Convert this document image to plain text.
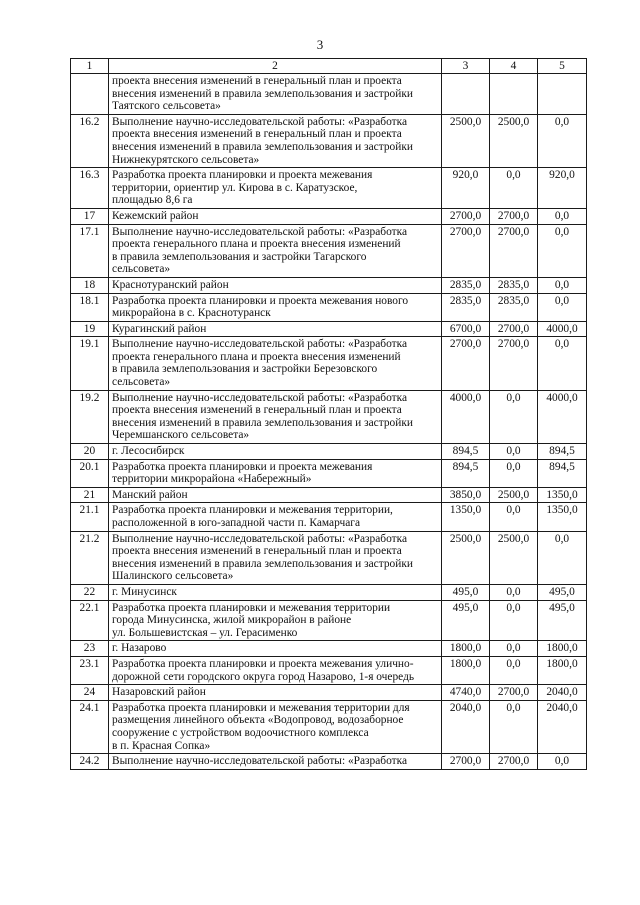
3
1	2	3	4	5
	проекта внесения изменений в генеральный план и проекта
внесения изменений в правила землепользования и застройки
Таятского сельсовета»			
16.2	Выполнение научно-исследовательской работы: «Разработка
проекта внесения изменений в генеральный план и проекта
внесения изменений в правила землепользования и застройки
Нижнекурятского сельсовета»	2500,0	2500,0	0,0
16.3	Разработка проекта планировки и проекта межевания
территории, ориентир ул. Кирова в с. Каратузское,
площадью 8,6 га	920,0	0,0	920,0
17	Кежемский район	2700,0	2700,0	0,0
17.1	Выполнение научно-исследовательской работы: «Разработка
проекта генерального плана и проекта внесения изменений
в правила землепользования и застройки Тагарского
сельсовета»	2700,0	2700,0	0,0
18	Краснотуранский район	2835,0	2835,0	0,0
18.1	Разработка проекта планировки и проекта межевания нового
микрорайона в с. Краснотуранск	2835,0	2835,0	0,0
19	Курагинский район	6700,0	2700,0	4000,0
19.1	Выполнение научно-исследовательской работы: «Разработка
проекта генерального плана и проекта внесения изменений
в правила землепользования и застройки Березовского
сельсовета»	2700,0	2700,0	0,0
19.2	Выполнение научно-исследовательской работы: «Разработка
проекта внесения изменений в генеральный план и проекта
внесения изменений в правила землепользования и застройки
Черемшанского сельсовета»	4000,0	0,0	4000,0
20	г. Лесосибирск	894,5	0,0	894,5
20.1	Разработка проекта планировки и проекта межевания
территории микрорайона «Набережный»	894,5	0,0	894,5
21	Манский район	3850,0	2500,0	1350,0
21.1	Разработка проекта планировки и межевания территории,
расположенной в юго-западной части п. Камарчага	1350,0	0,0	1350,0
21.2	Выполнение научно-исследовательской работы: «Разработка
проекта внесения изменений в генеральный план и проекта
внесения изменений в правила землепользования и застройки
Шалинского сельсовета»	2500,0	2500,0	0,0
22	г. Минусинск	495,0	0,0	495,0
22.1	Разработка проекта планировки и межевания территории
города Минусинска, жилой микрорайон в районе
ул. Большевистская – ул. Герасименко	495,0	0,0	495,0
23	г. Назарово	1800,0	0,0	1800,0
23.1	Разработка проекта планировки и проекта межевания улично-
дорожной сети городского округа город Назарово, 1-я очередь	1800,0	0,0	1800,0
24	Назаровский район	4740,0	2700,0	2040,0
24.1	Разработка проекта планировки и межевания территории для
размещения линейного объекта «Водопровод, водозаборное
сооружение с устройством водоочистного комплекса
в п. Красная Сопка»	2040,0	0,0	2040,0
24.2	Выполнение научно-исследовательской работы: «Разработка	2700,0	2700,0	0,0
